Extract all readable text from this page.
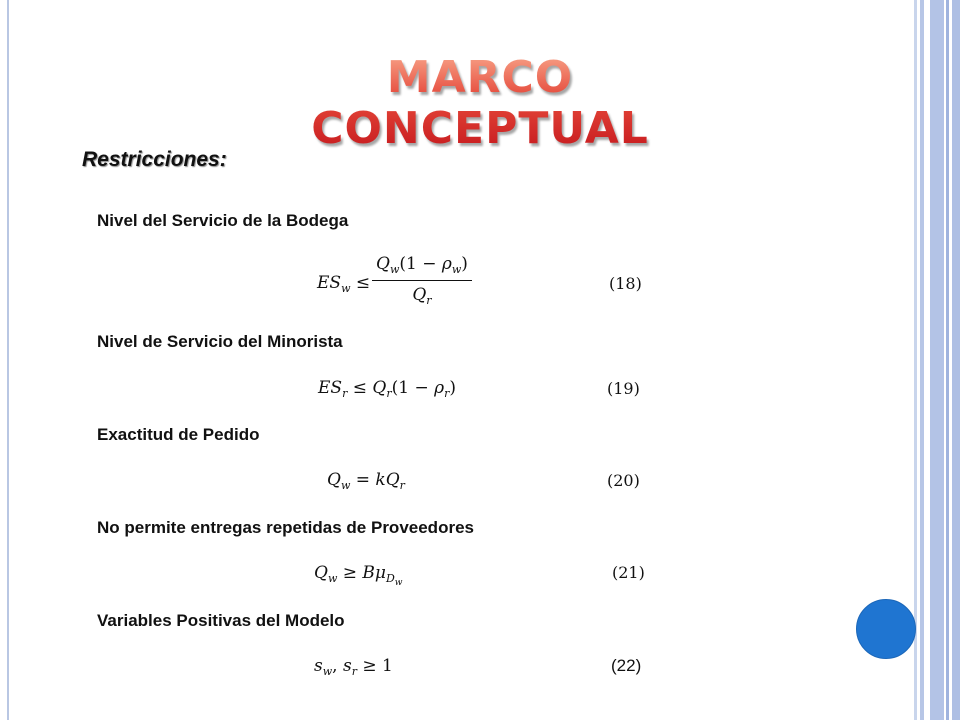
MARCO CONCEPTUAL
Restricciones:
Nivel del Servicio de la Bodega
$ES_w \le \frac{Q_w(1 - \rho_w)}{Q_r}$	(18)
Nivel de Servicio del Minorista
$ES_r \le Q_r(1 - \rho_r)$	(19)
Exactitud de Pedido
$Q_w = kQ_r$	(20)
No permite entregas repetidas de Proveedores
$Q_w \ge B\mu_{D_w}$
(21)
Variables Positivas del Modelo
$s_w$, $s_r \ge 1$	(22)
